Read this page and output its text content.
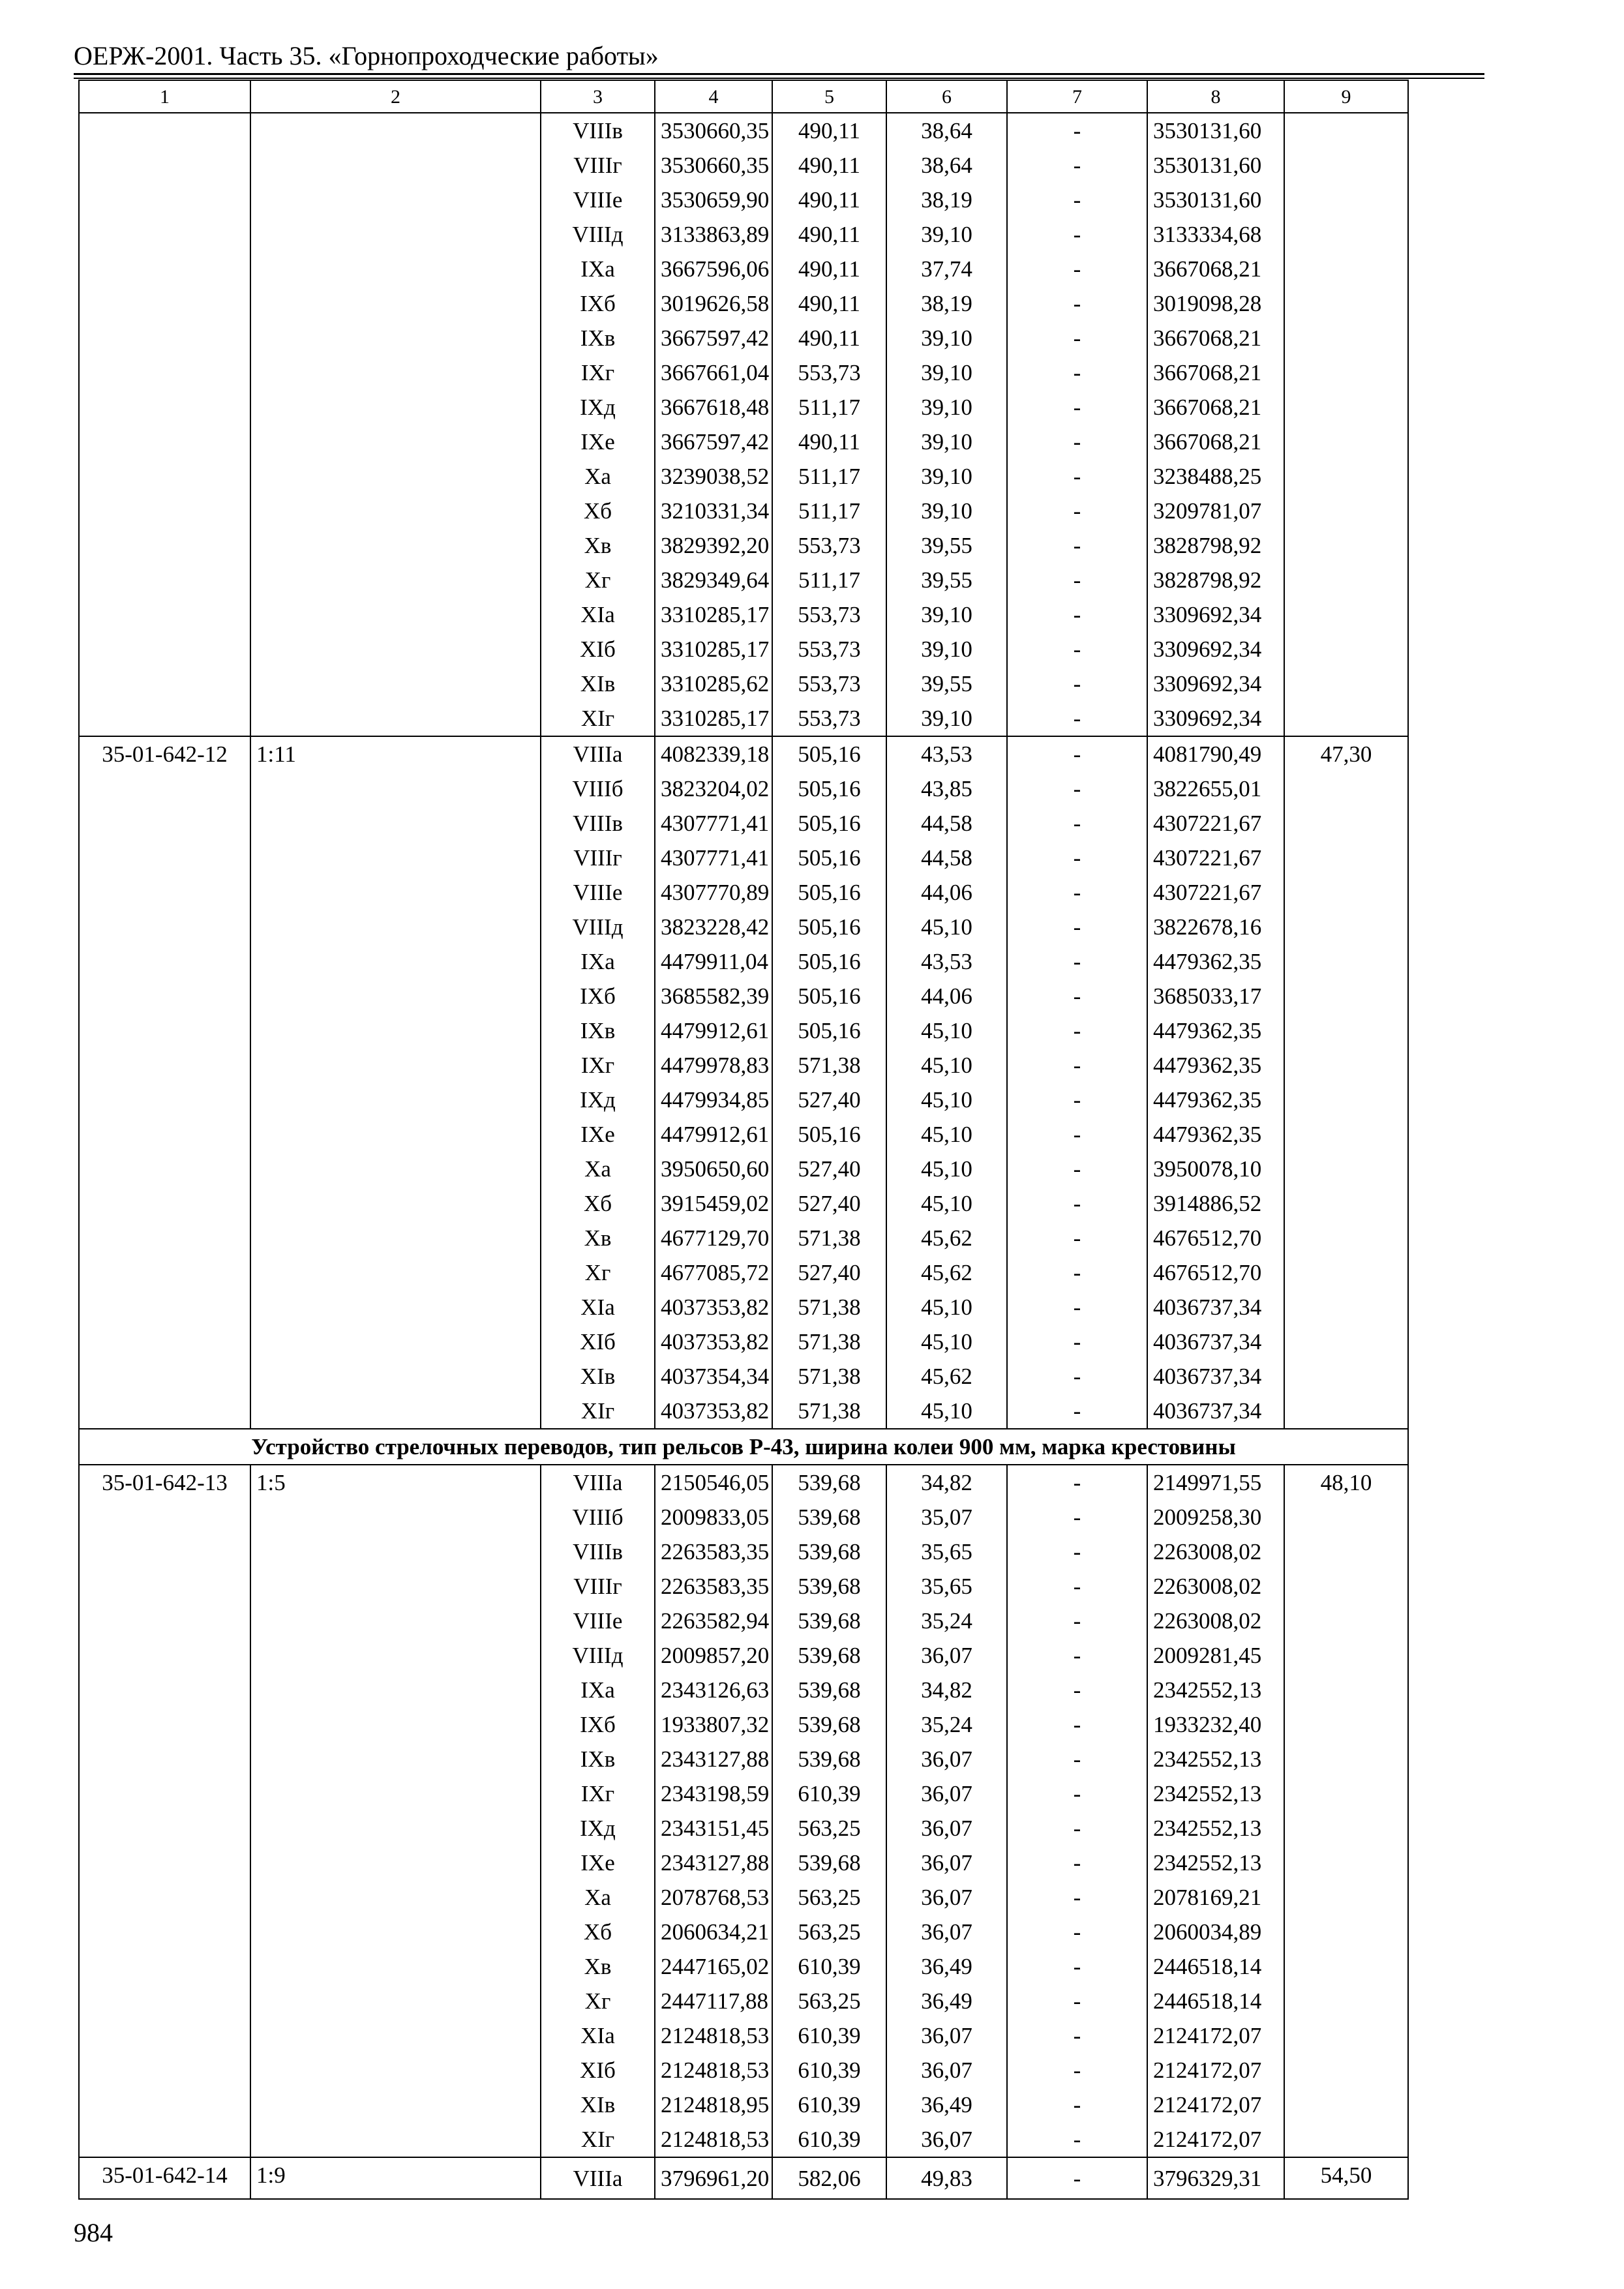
ОЕРЖ-2001. Часть 35. «Горнопроходческие работы»
1	2	3	4	5	6	7	8	9
		VIIIв	3530660,35	490,11	38,64	-	3530131,60	
		VIIIг	3530660,35	490,11	38,64	-	3530131,60	
		VIIIе	3530659,90	490,11	38,19	-	3530131,60	
		VIIIд	3133863,89	490,11	39,10	-	3133334,68	
		IXа	3667596,06	490,11	37,74	-	3667068,21	
		IXб	3019626,58	490,11	38,19	-	3019098,28	
		IXв	3667597,42	490,11	39,10	-	3667068,21	
		IXг	3667661,04	553,73	39,10	-	3667068,21	
		IXд	3667618,48	511,17	39,10	-	3667068,21	
		IXе	3667597,42	490,11	39,10	-	3667068,21	
		Xа	3239038,52	511,17	39,10	-	3238488,25	
		Xб	3210331,34	511,17	39,10	-	3209781,07	
		Xв	3829392,20	553,73	39,55	-	3828798,92	
		Xг	3829349,64	511,17	39,55	-	3828798,92	
		XIа	3310285,17	553,73	39,10	-	3309692,34	
		XIб	3310285,17	553,73	39,10	-	3309692,34	
		XIв	3310285,62	553,73	39,55	-	3309692,34	
		XIг	3310285,17	553,73	39,10	-	3309692,34	
35-01-642-12	1:11	VIIIа	4082339,18	505,16	43,53	-	4081790,49	47,30
		VIIIб	3823204,02	505,16	43,85	-	3822655,01	
		VIIIв	4307771,41	505,16	44,58	-	4307221,67	
		VIIIг	4307771,41	505,16	44,58	-	4307221,67	
		VIIIе	4307770,89	505,16	44,06	-	4307221,67	
		VIIIд	3823228,42	505,16	45,10	-	3822678,16	
		IXа	4479911,04	505,16	43,53	-	4479362,35	
		IXб	3685582,39	505,16	44,06	-	3685033,17	
		IXв	4479912,61	505,16	45,10	-	4479362,35	
		IXг	4479978,83	571,38	45,10	-	4479362,35	
		IXд	4479934,85	527,40	45,10	-	4479362,35	
		IXе	4479912,61	505,16	45,10	-	4479362,35	
		Xа	3950650,60	527,40	45,10	-	3950078,10	
		Xб	3915459,02	527,40	45,10	-	3914886,52	
		Xв	4677129,70	571,38	45,62	-	4676512,70	
		Xг	4677085,72	527,40	45,62	-	4676512,70	
		XIа	4037353,82	571,38	45,10	-	4036737,34	
		XIб	4037353,82	571,38	45,10	-	4036737,34	
		XIв	4037354,34	571,38	45,62	-	4036737,34	
		XIг	4037353,82	571,38	45,10	-	4036737,34	
Устройство стрелочных переводов, тип рельсов Р-43, ширина колеи 900 мм, марка крестовины								
35-01-642-13	1:5	VIIIа	2150546,05	539,68	34,82	-	2149971,55	48,10
		VIIIб	2009833,05	539,68	35,07	-	2009258,30	
		VIIIв	2263583,35	539,68	35,65	-	2263008,02	
		VIIIг	2263583,35	539,68	35,65	-	2263008,02	
		VIIIе	2263582,94	539,68	35,24	-	2263008,02	
		VIIIд	2009857,20	539,68	36,07	-	2009281,45	
		IXа	2343126,63	539,68	34,82	-	2342552,13	
		IXб	1933807,32	539,68	35,24	-	1933232,40	
		IXв	2343127,88	539,68	36,07	-	2342552,13	
		IXг	2343198,59	610,39	36,07	-	2342552,13	
		IXд	2343151,45	563,25	36,07	-	2342552,13	
		IXе	2343127,88	539,68	36,07	-	2342552,13	
		Xа	2078768,53	563,25	36,07	-	2078169,21	
		Xб	2060634,21	563,25	36,07	-	2060034,89	
		Xв	2447165,02	610,39	36,49	-	2446518,14	
		Xг	2447117,88	563,25	36,49	-	2446518,14	
		XIа	2124818,53	610,39	36,07	-	2124172,07	
		XIб	2124818,53	610,39	36,07	-	2124172,07	
		XIв	2124818,95	610,39	36,49	-	2124172,07	
		XIг	2124818,53	610,39	36,07	-	2124172,07	
35-01-642-14	1:9	VIIIа	3796961,20	582,06	49,83	-	3796329,31	54,50
984
